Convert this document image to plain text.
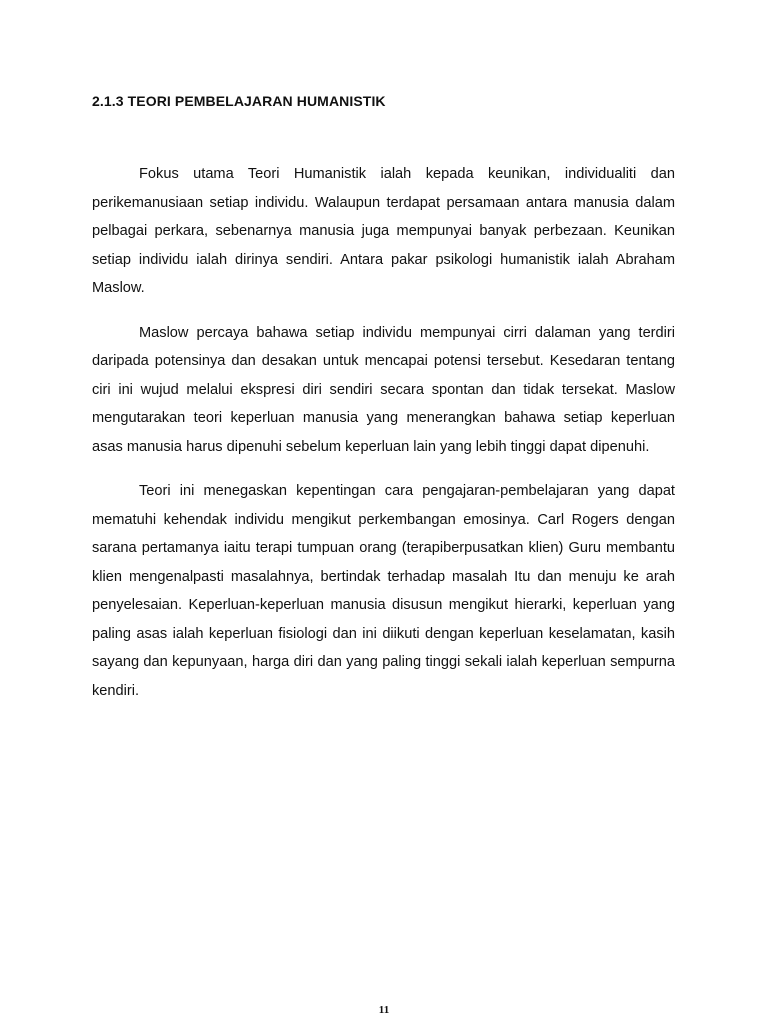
2.1.3 TEORI PEMBELAJARAN HUMANISTIK

Fokus utama Teori Humanistik ialah kepada keunikan, individualiti dan perikemanusiaan setiap individu. Walaupun terdapat persamaan antara manusia dalam pelbagai perkara, sebenarnya manusia juga mempunyai banyak perbezaan. Keunikan setiap individu ialah dirinya sendiri. Antara pakar psikologi humanistik ialah Abraham Maslow.

Maslow percaya bahawa setiap individu mempunyai cirri dalaman yang terdiri daripada potensinya dan desakan untuk mencapai potensi tersebut. Kesedaran tentang ciri ini wujud melalui ekspresi diri sendiri secara spontan dan tidak tersekat. Maslow mengutarakan teori keperluan manusia yang menerangkan bahawa setiap keperluan asas manusia harus dipenuhi sebelum keperluan lain yang lebih tinggi dapat dipenuhi.

Teori ini menegaskan kepentingan cara pengajaran-pembelajaran yang dapat mematuhi kehendak individu mengikut perkembangan emosinya. Carl Rogers dengan sarana pertamanya iaitu terapi tumpuan orang (terapiberpusatkan klien) Guru membantu klien mengenalpasti masalahnya, bertindak terhadap masalah Itu dan menuju ke arah penyelesaian. Keperluan-keperluan manusia disusun mengikut hierarki, keperluan yang paling asas ialah keperluan fisiologi dan ini diikuti dengan keperluan keselamatan, kasih sayang dan kepunyaan, harga diri dan yang paling tinggi sekali ialah keperluan sempurna kendiri.

11
